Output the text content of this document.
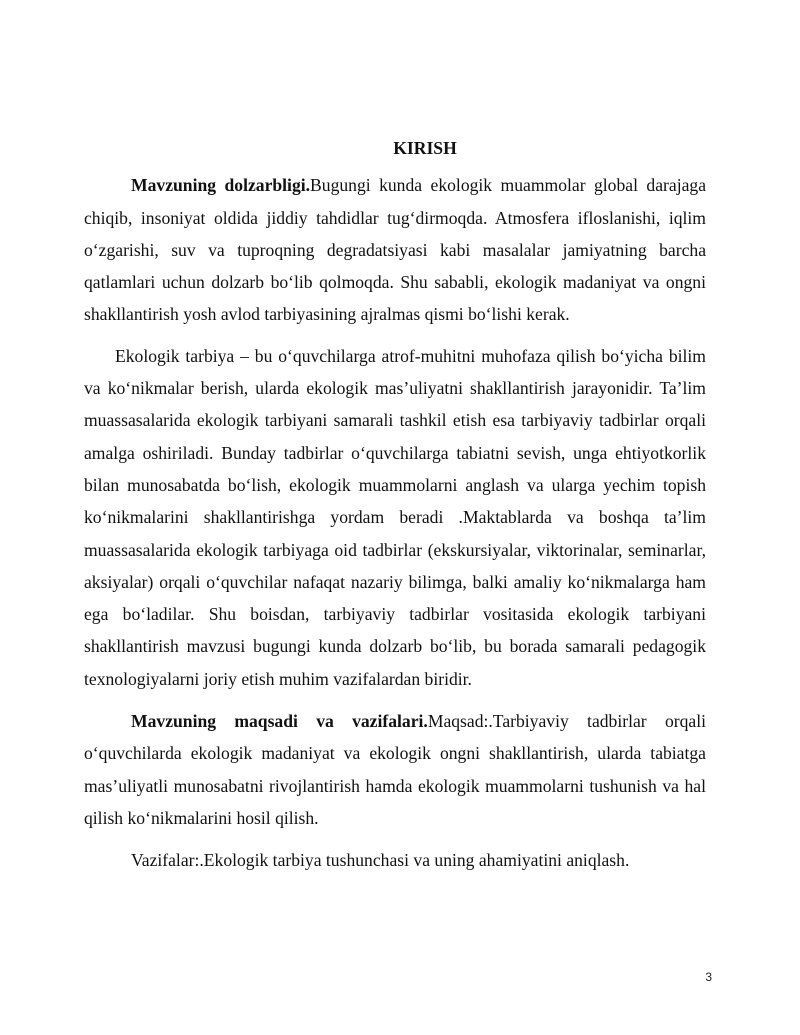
KIRISH

Mavzuning dolzarbligi.Bugungi kunda ekologik muammolar global darajaga chiqib, insoniyat oldida jiddiy tahdidlar tug‘dirmoqda. Atmosfera ifloslanishi, iqlim o‘zgarishi, suv va tuproqning degradatsiyasi kabi masalalar jamiyatning barcha qatlamlari uchun dolzarb bo‘lib qolmoqda. Shu sababli, ekologik madaniyat va ongni shakllantirish yosh avlod tarbiyasining ajralmas qismi bo‘lishi kerak.

Ekologik tarbiya – bu o‘quvchilarga atrof-muhitni muhofaza qilish bo‘yicha bilim va ko‘nikmalar berish, ularda ekologik mas’uliyatni shakllantirish jarayonidir. Ta’lim muassasalarida ekologik tarbiyani samarali tashkil etish esa tarbiyaviy tadbirlar orqali amalga oshiriladi. Bunday tadbirlar o‘quvchilarga tabiatni sevish, unga ehtiyotkorlik bilan munosabatda bo‘lish, ekologik muammolarni anglash va ularga yechim topish ko‘nikmalarini shakllantirishga yordam beradi .Maktablarda va boshqa ta’lim muassasalarida ekologik tarbiyaga oid tadbirlar (ekskursiyalar, viktorinalar, seminarlar, aksiyalar) orqali o‘quvchilar nafaqat nazariy bilimga, balki amaliy ko‘nikmalarga ham ega bo‘ladilar. Shu boisdan, tarbiyaviy tadbirlar vositasida ekologik tarbiyani shakllantirish mavzusi bugungi kunda dolzarb bo‘lib, bu borada samarali pedagogik texnologiyalarni joriy etish muhim vazifalardan biridir.

Mavzuning maqsadi va vazifalari.Maqsad:.Tarbiyaviy tadbirlar orqali o‘quvchilarda ekologik madaniyat va ekologik ongni shakllantirish, ularda tabiatga mas’uliyatli munosabatni rivojlantirish hamda ekologik muammolarni tushunish va hal qilish ko‘nikmalarini hosil qilish.

Vazifalar:.Ekologik tarbiya tushunchasi va uning ahamiyatini aniqlash.

3
